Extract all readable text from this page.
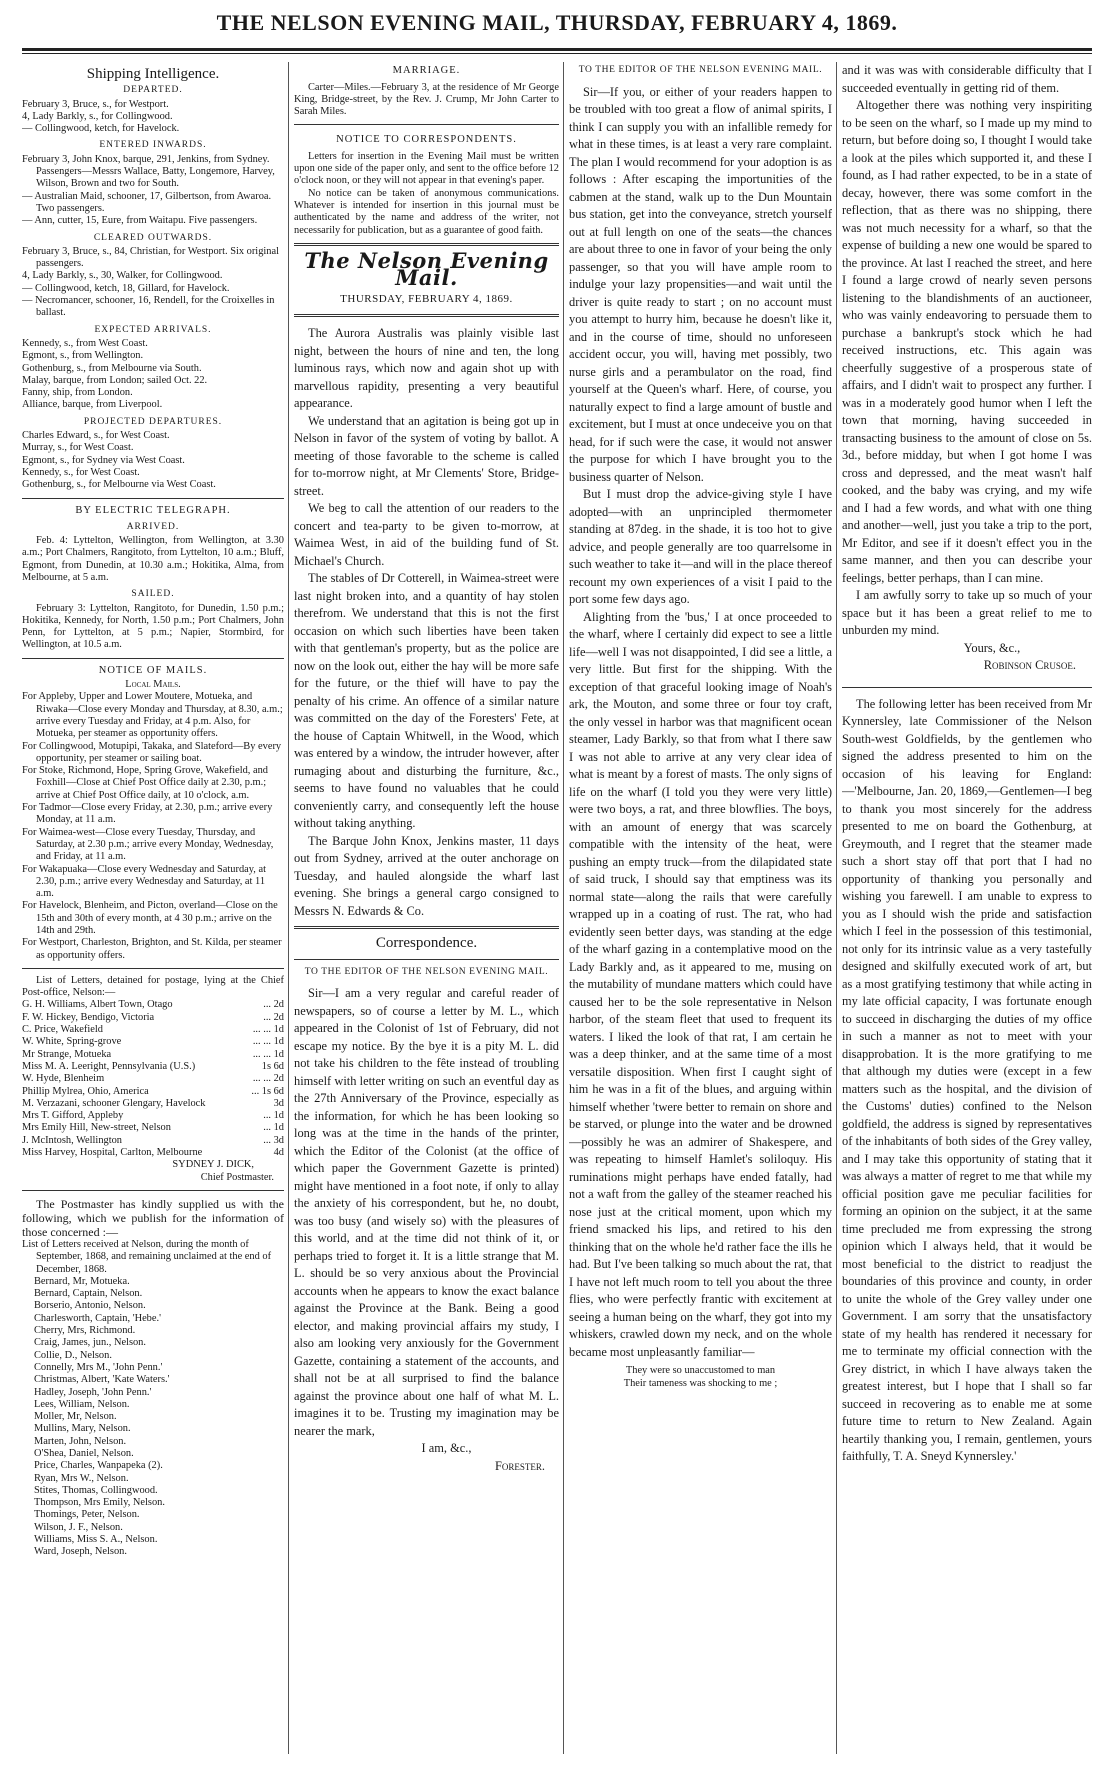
THE NELSON EVENING MAIL, THURSDAY, FEBRUARY 4, 1869.
Shipping Intelligence.
DEPARTED.

February 3, Bruce, s., for Westport.

4, Lady Barkly, s., for Collingwood.

— Collingwood, ketch, for Havelock.

ENTERED INWARDS.

February 3, John Knox, barque, 291, Jenkins, from Sydney. Passengers—Messrs Wallace, Batty, Longemore, Harvey, Wilson, Brown and two for South.

— Australian Maid, schooner, 17, Gilbertson, from Awaroa. Two passengers.

— Ann, cutter, 15, Eure, from Waitapu. Five passengers.

CLEARED OUTWARDS.

February 3, Bruce, s., 84, Christian, for Westport. Six original passengers.

4, Lady Barkly, s., 30, Walker, for Collingwood.

— Collingwood, ketch, 18, Gillard, for Havelock.

— Necromancer, schooner, 16, Rendell, for the Croixelles in ballast.

EXPECTED ARRIVALS.

Kennedy, s., from West Coast.

Egmont, s., from Wellington.

Gothenburg, s., from Melbourne via South.

Malay, barque, from London; sailed Oct. 22.

Fanny, ship, from London.

Alliance, barque, from Liverpool.

PROJECTED DEPARTURES.

Charles Edward, s., for West Coast.

Murray, s., for West Coast.

Egmont, s., for Sydney via West Coast.

Kennedy, s., for West Coast.

Gothenburg, s., for Melbourne via West Coast.

BY ELECTRIC TELEGRAPH.
ARRIVED.

Feb. 4: Lyttelton, Wellington, from Wellington, at 3.30 a.m.; Port Chalmers, Rangitoto, from Lyttelton, 10 a.m.; Bluff, Egmont, from Dunedin, at 10.30 a.m.; Hokitika, Alma, from Melbourne, at 5 a.m.

SAILED.

February 3: Lyttelton, Rangitoto, for Dunedin, 1.50 p.m.; Hokitika, Kennedy, for North, 1.50 p.m.; Port Chalmers, John Penn, for Lyttelton, at 5 p.m.; Napier, Stormbird, for Wellington, at 10.5 a.m.

NOTICE OF MAILS.
Local Mails.

For Appleby, Upper and Lower Moutere, Motueka, and Riwaka—Close every Monday and Thursday, at 8.30, a.m.; arrive every Tuesday and Friday, at 4 p.m. Also, for Motueka, per steamer as opportunity offers.

For Collingwood, Motupipi, Takaka, and Slateford—By every opportunity, per steamer or sailing boat.

For Stoke, Richmond, Hope, Spring Grove, Wakefield, and Foxhill—Close at Chief Post Office daily at 2.30, p.m.; arrive at Chief Post Office daily, at 10 o'clock, a.m.

For Tadmor—Close every Friday, at 2.30, p.m.; arrive every Monday, at 11 a.m.

For Waimea-west—Close every Tuesday, Thursday, and Saturday, at 2.30 p.m.; arrive every Monday, Wednesday, and Friday, at 11 a.m.

For Wakapuaka—Close every Wednesday and Saturday, at 2.30, p.m.; arrive every Wednesday and Saturday, at 11 a.m.

For Havelock, Blenheim, and Picton, overland—Close on the 15th and 30th of every month, at 4 30 p.m.; arrive on the 14th and 29th.

For Westport, Charleston, Brighton, and St. Kilda, per steamer as opportunity offers.

List of Letters, detained for postage, lying at the Chief Post-office, Nelson:—

G. H. Williams, Albert Town, Otago	... 2d
F. W. Hickey, Bendigo, Victoria	... 2d
C. Price, Wakefield	... ... 1d
W. White, Spring-grove	... ... 1d
Mr Strange, Motueka	... ... 1d
Miss M. A. Leeright, Pennsylvania (U.S.)	1s 6d
W. Hyde, Blenheim	... ... 2d
Phillip Mylrea, Ohio, America	... 1s 6d
M. Verzazani, schooner Glengary, Havelock	3d
Mrs T. Gifford, Appleby	... 1d
Mrs Emily Hill, New-street, Nelson	... 1d
J. McIntosh, Wellington	... 3d
Miss Harvey, Hospital, Carlton, Melbourne	4d

SYDNEY J. DICK,

Chief Postmaster.

The Postmaster has kindly supplied us with the following, which we publish for the information of those concerned :—

List of Letters received at Nelson, during the month of September, 1868, and remaining unclaimed at the end of December, 1868.

Bernard, Mr, Motueka.

Bernard, Captain, Nelson.

Borserio, Antonio, Nelson.

Charlesworth, Captain, 'Hebe.'

Cherry, Mrs, Richmond.

Craig, James, jun., Nelson.

Collie, D., Nelson.

Connelly, Mrs M., 'John Penn.'

Christmas, Albert, 'Kate Waters.'

Hadley, Joseph, 'John Penn.'

Lees, William, Nelson.

Moller, Mr, Nelson.

Mullins, Mary, Nelson.

Marten, John, Nelson.

O'Shea, Daniel, Nelson.

Price, Charles, Wanpapeka (2).

Ryan, Mrs W., Nelson.

Stites, Thomas, Collingwood.

Thompson, Mrs Emily, Nelson.

Thomings, Peter, Nelson.

Wilson, J. F., Nelson.

Williams, Miss S. A., Nelson.

Ward, Joseph, Nelson.

MARRIAGE.

Carter—Miles.—February 3, at the residence of Mr George King, Bridge-street, by the Rev. J. Crump, Mr John Carter to Sarah Miles.

NOTICE TO CORRESPONDENTS.

Letters for insertion in the Evening Mail must be written upon one side of the paper only, and sent to the office before 12 o'clock noon, or they will not appear in that evening's paper.

No notice can be taken of anonymous communications. Whatever is intended for insertion in this journal must be authenticated by the name and address of the writer, not necessarily for publication, but as a guarantee of good faith.

The Nelson Evening Mail.
THURSDAY, FEBRUARY 4, 1869.

The Aurora Australis was plainly visible last night, between the hours of nine and ten, the long luminous rays, which now and again shot up with marvellous rapidity, presenting a very beautiful appearance.

We understand that an agitation is being got up in Nelson in favor of the system of voting by ballot. A meeting of those favorable to the scheme is called for to-morrow night, at Mr Clements' Store, Bridge-street.

We beg to call the attention of our readers to the concert and tea-party to be given to-morrow, at Waimea West, in aid of the building fund of St. Michael's Church.

The stables of Dr Cotterell, in Waimea-street were last night broken into, and a quantity of hay stolen therefrom. We understand that this is not the first occasion on which such liberties have been taken with that gentleman's property, but as the police are now on the look out, either the hay will be more safe for the future, or the thief will have to pay the penalty of his crime. An offence of a similar nature was committed on the day of the Foresters' Fete, at the house of Captain Whitwell, in the Wood, which was entered by a window, the intruder however, after rumaging about and disturbing the furniture, &c., seems to have found no valuables that he could conveniently carry, and consequently left the house without taking anything.

The Barque John Knox, Jenkins master, 11 days out from Sydney, arrived at the outer anchorage on Tuesday, and hauled alongside the wharf last evening. She brings a general cargo consigned to Messrs N. Edwards & Co.

Correspondence.
TO THE EDITOR OF THE NELSON EVENING MAIL.

Sir—I am a very regular and careful reader of newspapers, so of course a letter by M. L., which appeared in the Colonist of 1st of February, did not escape my notice. By the bye it is a pity M. L. did not take his children to the fête instead of troubling himself with letter writing on such an eventful day as the 27th Anniversary of the Province, especially as the information, for which he has been looking so long was at the time in the hands of the printer, which the Editor of the Colonist (at the office of which paper the Government Gazette is printed) might have mentioned in a foot note, if only to allay the anxiety of his correspondent, but he, no doubt, was too busy (and wisely so) with the pleasures of this world, and at the time did not think of it, or perhaps tried to forget it. It is a little strange that M. L. should be so very anxious about the Provincial accounts when he appears to know the exact balance against the Province at the Bank. Being a good elector, and making provincial affairs my study, I also am looking very anxiously for the Government Gazette, containing a statement of the accounts, and shall not be at all surprised to find the balance against the province about one half of what M. L. imagines it to be. Trusting my imagination may be nearer the mark,

I am, &c.,

Forester.

TO THE EDITOR OF THE NELSON EVENING MAIL.

Sir—If you, or either of your readers happen to be troubled with too great a flow of animal spirits, I think I can supply you with an infallible remedy for what in these times, is at least a very rare complaint. The plan I would recommend for your adoption is as follows : After escaping the importunities of the cabmen at the stand, walk up to the Dun Mountain bus station, get into the conveyance, stretch yourself out at full length on one of the seats—the chances are about three to one in favor of your being the only passenger, so that you will have ample room to indulge your lazy propensities—and wait until the driver is quite ready to start ; on no account must you attempt to hurry him, because he doesn't like it, and in the course of time, should no unforeseen accident occur, you will, having met possibly, two nurse girls and a perambulator on the road, find yourself at the Queen's wharf. Here, of course, you naturally expect to find a large amount of bustle and excitement, but I must at once undeceive you on that head, for if such were the case, it would not answer the purpose for which I have brought you to the business quarter of Nelson.

But I must drop the advice-giving style I have adopted—with an unprincipled thermometer standing at 87deg. in the shade, it is too hot to give advice, and people generally are too quarrelsome in such weather to take it—and will in the place thereof recount my own experiences of a visit I paid to the port some few days ago.

Alighting from the 'bus,' I at once proceeded to the wharf, where I certainly did expect to see a little life—well I was not disappointed, I did see a little, a very little. But first for the shipping. With the exception of that graceful looking image of Noah's ark, the Mouton, and some three or four toy craft, the only vessel in harbor was that magnificent ocean steamer, Lady Barkly, so that from what I there saw I was not able to arrive at any very clear idea of what is meant by a forest of masts. The only signs of life on the wharf (I told you they were very little) were two boys, a rat, and three blowflies. The boys, with an amount of energy that was scarcely compatible with the intensity of the heat, were pushing an empty truck—from the dilapidated state of said truck, I should say that emptiness was its normal state—along the rails that were carefully wrapped up in a coating of rust. The rat, who had evidently seen better days, was standing at the edge of the wharf gazing in a contemplative mood on the Lady Barkly and, as it appeared to me, musing on the mutability of mundane matters which could have caused her to be the sole representative in Nelson harbor, of the steam fleet that used to frequent its waters. I liked the look of that rat, I am certain he was a deep thinker, and at the same time of a most versatile disposition. When first I caught sight of him he was in a fit of the blues, and arguing within himself whether 'twere better to remain on shore and be starved, or plunge into the water and be drowned—possibly he was an admirer of Shakespere, and was repeating to himself Hamlet's soliloquy. His ruminations might perhaps have ended fatally, had not a waft from the galley of the steamer reached his nose just at the critical moment, upon which my friend smacked his lips, and retired to his den thinking that on the whole he'd rather face the ills he had. But I've been talking so much about the rat, that I have not left much room to tell you about the three flies, who were perfectly frantic with excitement at seeing a human being on the wharf, they got into my whiskers, crawled down my neck, and on the whole became most unpleasantly familiar—

They were so unaccustomed to man

Their tameness was shocking to me ;

and it was was with considerable difficulty that I succeeded eventually in getting rid of them.

Altogether there was nothing very inspiriting to be seen on the wharf, so I made up my mind to return, but before doing so, I thought I would take a look at the piles which supported it, and these I found, as I had rather expected, to be in a state of decay, however, there was some comfort in the reflection, that as there was no shipping, there was not much necessity for a wharf, so that the expense of building a new one would be spared to the province. At last I reached the street, and here I found a large crowd of nearly seven persons listening to the blandishments of an auctioneer, who was vainly endeavoring to persuade them to purchase a bankrupt's stock which he had received instructions, etc. This again was cheerfully suggestive of a prosperous state of affairs, and I didn't wait to prospect any further. I was in a moderately good humor when I left the town that morning, having succeeded in transacting business to the amount of close on 5s. 3d., before midday, but when I got home I was cross and depressed, and the meat wasn't half cooked, and the baby was crying, and my wife and I had a few words, and what with one thing and another—well, just you take a trip to the port, Mr Editor, and see if it doesn't effect you in the same manner, and then you can describe your feelings, better perhaps, than I can mine.

I am awfully sorry to take up so much of your space but it has been a great relief to me to unburden my mind.

Yours, &c.,

Robinson Crusoe.

The following letter has been received from Mr Kynnersley, late Commissioner of the Nelson South-west Goldfields, by the gentlemen who signed the address presented to him on the occasion of his leaving for England:—'Melbourne, Jan. 20, 1869,—Gentlemen—I beg to thank you most sincerely for the address presented to me on board the Gothenburg, at Greymouth, and I regret that the steamer made such a short stay off that port that I had no opportunity of thanking you personally and wishing you farewell. I am unable to express to you as I should wish the pride and satisfaction which I feel in the possession of this testimonial, not only for its intrinsic value as a very tastefully designed and skilfully executed work of art, but as a most gratifying testimony that while acting in my late official capacity, I was fortunate enough to succeed in discharging the duties of my office in such a manner as not to meet with your disapprobation. It is the more gratifying to me that although my duties were (except in a few matters such as the hospital, and the division of the Customs' duties) confined to the Nelson goldfield, the address is signed by representatives of the inhabitants of both sides of the Grey valley, and I may take this opportunity of stating that it was always a matter of regret to me that while my official position gave me peculiar facilities for forming an opinion on the subject, it at the same time precluded me from expressing the strong opinion which I always held, that it would be most beneficial to the district to readjust the boundaries of this province and county, in order to unite the whole of the Grey valley under one Government. I am sorry that the unsatisfactory state of my health has rendered it necessary for me to terminate my official connection with the Grey district, in which I have always taken the greatest interest, but I hope that I shall so far succeed in recovering as to enable me at some future time to return to New Zealand. Again heartily thanking you, I remain, gentlemen, yours faithfully, T. A. Sneyd Kynnersley.'
